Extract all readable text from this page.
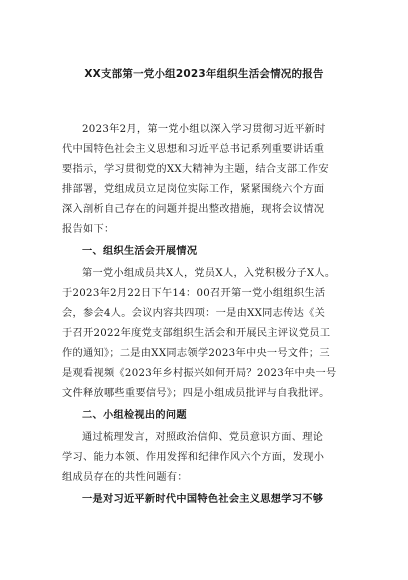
XX支部第一党小组2023年组织生活会情况的报告
2023年2月，第一党小组以深入学习贯彻习近平新时
代中国特色社会主义思想和习近平总书记系列重要讲话重
要指示，学习贯彻党的XX大精神为主题，结合支部工作安
排部署，党组成员立足岗位实际工作，紧紧围绕六个方面
深入剖析自己存在的问题并提出整改措施，现将会议情况
报告如下：
一、组织生活会开展情况
第一党小组成员共X人，党员X人，入党积极分子X人。
于2023年2月22日下午14：00召开第一党小组组织生活
会，参会4人。会议内容共四项：一是由XX同志传达《关
于召开2022年度党支部组织生活会和开展民主评议党员工
作的通知》；二是由XX同志领学2023年中央一号文件；三
是观看视频《2023年乡村振兴如何开局？2023年中央一号
文件释放哪些重要信号》；四是小组成员批评与自我批评。
二、小组检视出的问题
通过梳理发言，对照政治信仰、党员意识方面、理论
学习、能力本领、作用发挥和纪律作风六个方面，发现小
组成员存在的共性问题有：
一是对习近平新时代中国特色社会主义思想学习不够
